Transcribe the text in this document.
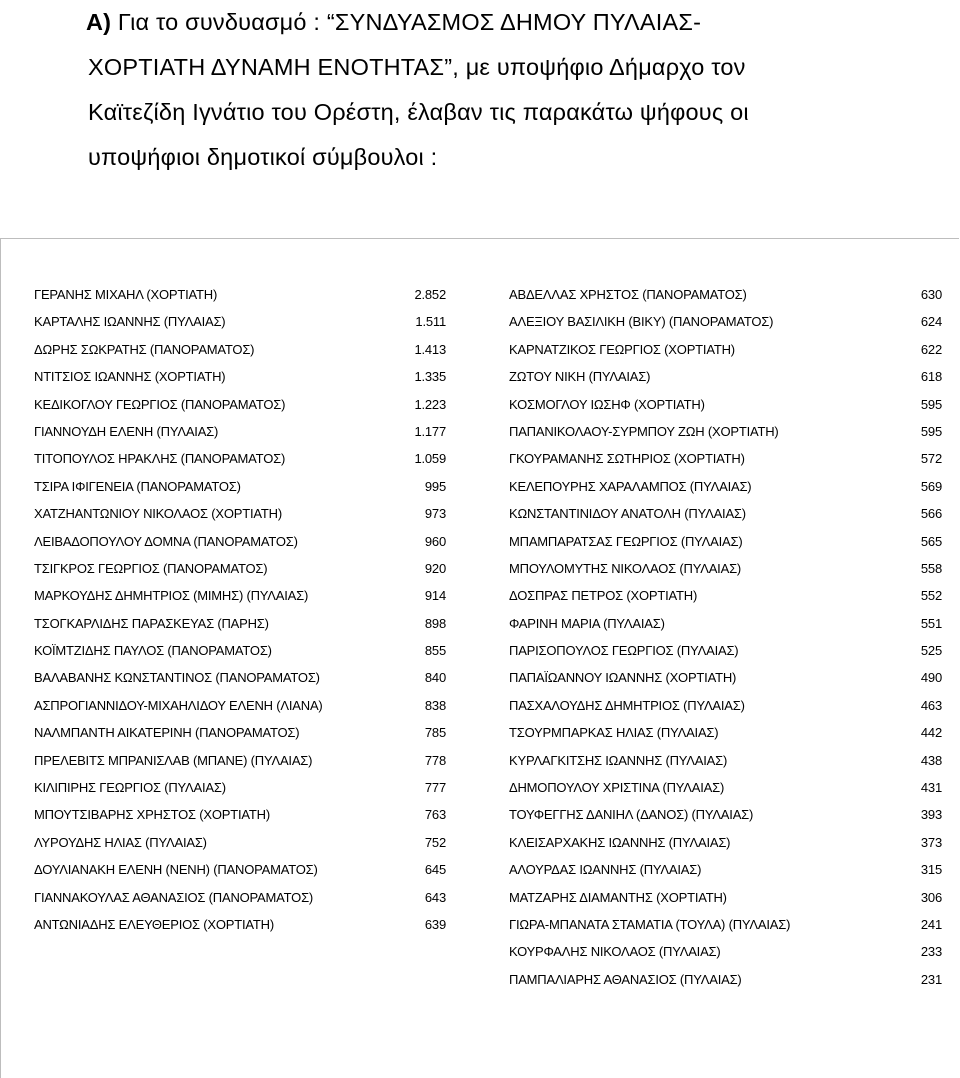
Α) Για το συνδυασμό : “ΣΥΝΔΥΑΣΜΟΣ ΔΗΜΟΥ ΠΥΛΑΙΑΣ-

ΧΟΡΤΙΑΤΗ ΔΥΝΑΜΗ ΕΝΟΤΗΤΑΣ”, με υποψήφιο Δήμαρχο τον

Καϊτεζίδη Ιγνάτιο του Ορέστη, έλαβαν τις παρακάτω ψήφους οι

υποψήφιοι δημοτικοί σύμβουλοι :

ΓΕΡΑΝΗΣ ΜΙΧΑΗΛ (ΧΟΡΤΙΑΤΗ)	2.852
ΚΑΡΤΑΛΗΣ ΙΩΑΝΝΗΣ (ΠΥΛΑΙΑΣ)	1.511
ΔΩΡΗΣ ΣΩΚΡΑΤΗΣ (ΠΑΝΟΡΑΜΑΤΟΣ)	1.413
ΝΤΙΤΣΙΟΣ ΙΩΑΝΝΗΣ (ΧΟΡΤΙΑΤΗ)	1.335
ΚΕΔΙΚΟΓΛΟΥ ΓΕΩΡΓΙΟΣ (ΠΑΝΟΡΑΜΑΤΟΣ)	1.223
ΓΙΑΝΝΟΥΔΗ ΕΛΕΝΗ (ΠΥΛΑΙΑΣ)	1.177
ΤΙΤΟΠΟΥΛΟΣ ΗΡΑΚΛΗΣ (ΠΑΝΟΡΑΜΑΤΟΣ)	1.059
ΤΣΙΡΑ ΙΦΙΓΕΝΕΙΑ (ΠΑΝΟΡΑΜΑΤΟΣ)	995
ΧΑΤΖΗΑΝΤΩΝΙΟΥ ΝΙΚΟΛΑΟΣ (ΧΟΡΤΙΑΤΗ)	973
ΛΕΙΒΑΔΟΠΟΥΛΟΥ ΔΟΜΝΑ (ΠΑΝΟΡΑΜΑΤΟΣ)	960
ΤΣΙΓΚΡΟΣ ΓΕΩΡΓΙΟΣ (ΠΑΝΟΡΑΜΑΤΟΣ)	920
ΜΑΡΚΟΥΔΗΣ ΔΗΜΗΤΡΙΟΣ (ΜΙΜΗΣ) (ΠΥΛΑΙΑΣ)	914
ΤΣΟΓΚΑΡΛΙΔΗΣ ΠΑΡΑΣΚΕΥΑΣ (ΠΑΡΗΣ)	898
ΚΟΪΜΤΖΙΔΗΣ ΠΑΥΛΟΣ (ΠΑΝΟΡΑΜΑΤΟΣ)	855
ΒΑΛΑΒΑΝΗΣ ΚΩΝΣΤΑΝΤΙΝΟΣ (ΠΑΝΟΡΑΜΑΤΟΣ)	840
ΑΣΠΡΟΓΙΑΝΝΙΔΟΥ-ΜΙΧΑΗΛΙΔΟΥ ΕΛΕΝΗ (ΛΙΑΝΑ)	838
ΝΑΛΜΠΑΝΤΗ ΑΙΚΑΤΕΡΙΝΗ (ΠΑΝΟΡΑΜΑΤΟΣ)	785
ΠΡΕΛΕΒΙΤΣ ΜΠΡΑΝΙΣΛΑΒ (ΜΠΑΝΕ) (ΠΥΛΑΙΑΣ)	778
ΚΙΛΙΠΙΡΗΣ ΓΕΩΡΓΙΟΣ (ΠΥΛΑΙΑΣ)	777
ΜΠΟΥΤΣΙΒΑΡΗΣ ΧΡΗΣΤΟΣ (ΧΟΡΤΙΑΤΗ)	763
ΛΥΡΟΥΔΗΣ ΗΛΙΑΣ (ΠΥΛΑΙΑΣ)	752
ΔΟΥΛΙΑΝΑΚΗ ΕΛΕΝΗ (ΝΕΝΗ) (ΠΑΝΟΡΑΜΑΤΟΣ)	645
ΓΙΑΝΝΑΚΟΥΛΑΣ ΑΘΑΝΑΣΙΟΣ (ΠΑΝΟΡΑΜΑΤΟΣ)	643
ΑΝΤΩΝΙΑΔΗΣ ΕΛΕΥΘΕΡΙΟΣ (ΧΟΡΤΙΑΤΗ)	639
ΑΒΔΕΛΛΑΣ ΧΡΗΣΤΟΣ (ΠΑΝΟΡΑΜΑΤΟΣ)	630
ΑΛΕΞΙΟΥ ΒΑΣΙΛΙΚΗ (ΒΙΚΥ) (ΠΑΝΟΡΑΜΑΤΟΣ)	624
ΚΑΡΝΑΤΖΙΚΟΣ ΓΕΩΡΓΙΟΣ (ΧΟΡΤΙΑΤΗ)	622
ΖΩΤΟΥ ΝΙΚΗ (ΠΥΛΑΙΑΣ)	618
ΚΟΣΜΟΓΛΟΥ ΙΩΣΗΦ (ΧΟΡΤΙΑΤΗ)	595
ΠΑΠΑΝΙΚΟΛΑΟΥ-ΣΥΡΜΠΟΥ ΖΩΗ (ΧΟΡΤΙΑΤΗ)	595
ΓΚΟΥΡΑΜΑΝΗΣ ΣΩΤΗΡΙΟΣ (ΧΟΡΤΙΑΤΗ)	572
ΚΕΛΕΠΟΥΡΗΣ ΧΑΡΑΛΑΜΠΟΣ (ΠΥΛΑΙΑΣ)	569
ΚΩΝΣΤΑΝΤΙΝΙΔΟΥ ΑΝΑΤΟΛΗ (ΠΥΛΑΙΑΣ)	566
ΜΠΑΜΠΑΡΑΤΣΑΣ ΓΕΩΡΓΙΟΣ (ΠΥΛΑΙΑΣ)	565
ΜΠΟΥΛΟΜΥΤΗΣ ΝΙΚΟΛΑΟΣ (ΠΥΛΑΙΑΣ)	558
ΔΟΣΠΡΑΣ ΠΕΤΡΟΣ (ΧΟΡΤΙΑΤΗ)	552
ΦΑΡΙΝΗ ΜΑΡΙΑ (ΠΥΛΑΙΑΣ)	551
ΠΑΡΙΣΟΠΟΥΛΟΣ ΓΕΩΡΓΙΟΣ (ΠΥΛΑΙΑΣ)	525
ΠΑΠΑΪΩΑΝΝΟΥ ΙΩΑΝΝΗΣ (ΧΟΡΤΙΑΤΗ)	490
ΠΑΣΧΑΛΟΥΔΗΣ ΔΗΜΗΤΡΙΟΣ (ΠΥΛΑΙΑΣ)	463
ΤΣΟΥΡΜΠΑΡΚΑΣ ΗΛΙΑΣ (ΠΥΛΑΙΑΣ)	442
ΚΥΡΛΑΓΚΙΤΣΗΣ ΙΩΑΝΝΗΣ (ΠΥΛΑΙΑΣ)	438
ΔΗΜΟΠΟΥΛΟΥ ΧΡΙΣΤΙΝΑ (ΠΥΛΑΙΑΣ)	431
ΤΟΥΦΕΓΓΗΣ ΔΑΝΙΗΛ (ΔΑΝΟΣ) (ΠΥΛΑΙΑΣ)	393
ΚΛΕΙΣΑΡΧΑΚΗΣ ΙΩΑΝΝΗΣ (ΠΥΛΑΙΑΣ)	373
ΑΛΟΥΡΔΑΣ ΙΩΑΝΝΗΣ (ΠΥΛΑΙΑΣ)	315
ΜΑΤΖΑΡΗΣ ΔΙΑΜΑΝΤΗΣ (ΧΟΡΤΙΑΤΗ)	306
ΓΙΩΡΑ-ΜΠΑΝΑΤΑ ΣΤΑΜΑΤΙΑ (ΤΟΥΛΑ) (ΠΥΛΑΙΑΣ)	241
ΚΟΥΡΦΑΛΗΣ ΝΙΚΟΛΑΟΣ (ΠΥΛΑΙΑΣ)	233
ΠΑΜΠΑΛΙΑΡΗΣ ΑΘΑΝΑΣΙΟΣ (ΠΥΛΑΙΑΣ)	231
